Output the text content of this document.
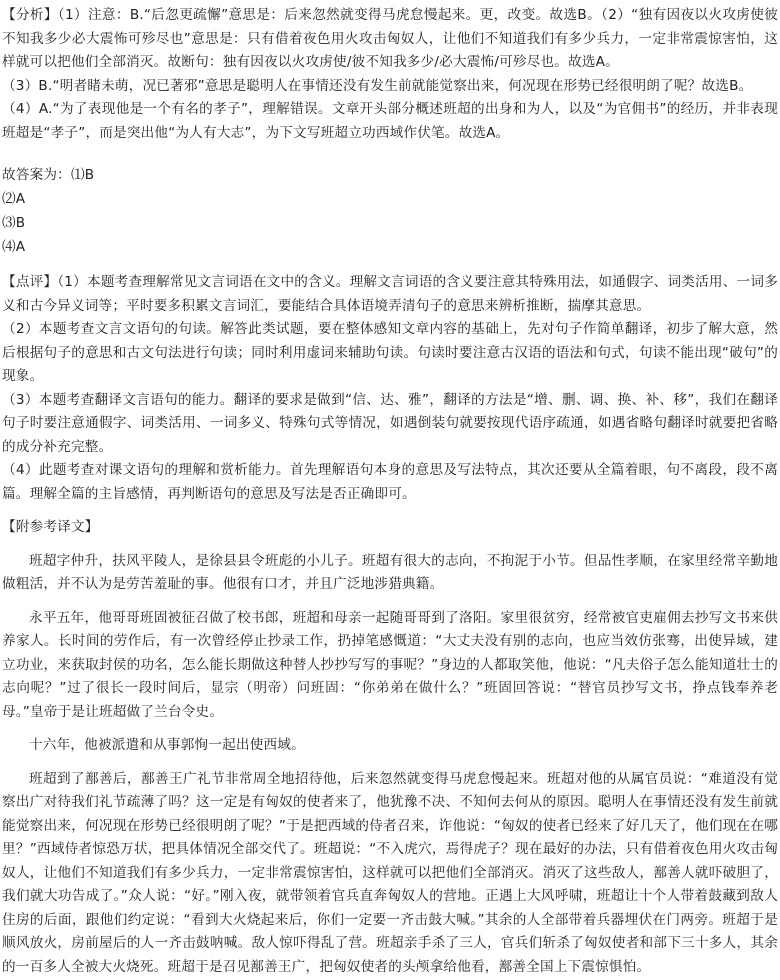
【分析】（1）注意：B.“后忽更疏懈”意思是：后来忽然就变得马虎怠慢起来。更，改变。故选B。（2）“独有因夜以火攻虏使彼不知我多少必大震怖可殄尽也”意思是：只有借着夜色用火攻击匈奴人，让他们不知道我们有多少兵力，一定非常震惊害怕，这样就可以把他们全部消灭。故断句：独有因夜以火攻虏使/彼不知我多少/必大震怖/可殄尽也。故选A。

（3）B.“明者睹未萌，况已著邪”意思是聪明人在事情还没有发生前就能觉察出来，何况现在形势已经很明朗了呢？故选B。

（4）A.“为了表现他是一个有名的孝子”，理解错误。文章开头部分概述班超的出身和为人，以及“为官佣书”的经历，并非表现班超是“孝子”，而是突出他“为人有大志”，为下文写班超立功西域作伏笔。故选A。

故答案为：⑴B

⑵A

⑶B

⑷A

【点评】（1）本题考查理解常见文言词语在文中的含义。理解文言词语的含义要注意其特殊用法，如通假字、词类活用、一词多义和古今异义词等；平时要多积累文言词汇，要能结合具体语境弄清句子的意思来辨析推断，揣摩其意思。

（2）本题考查文言文语句的句读。解答此类试题，要在整体感知文章内容的基础上，先对句子作简单翻译，初步了解大意，然后根据句子的意思和古文句法进行句读；同时利用虚词来辅助句读。句读时要注意古汉语的语法和句式，句读不能出现“破句”的现象。

（3）本题考查翻译文言语句的能力。翻译的要求是做到“信、达、雅”，翻译的方法是“增、删、调、换、补、移”，我们在翻译句子时要注意通假字、词类活用、一词多义、特殊句式等情况，如遇倒装句就要按现代语序疏通，如遇省略句翻译时就要把省略的成分补充完整。

（4）此题考查对课文语句的理解和赏析能力。首先理解语句本身的意思及写法特点，其次还要从全篇着眼，句不离段，段不离篇。理解全篇的主旨感情，再判断语句的意思及写法是否正确即可。

【附参考译文】

班超字仲升，扶风平陵人，是徐县县令班彪的小儿子。班超有很大的志向，不拘泥于小节。但品性孝顺，在家里经常辛勤地做粗活，并不认为是劳苦羞耻的事。他很有口才，并且广泛地涉猎典籍。

永平五年，他哥哥班固被征召做了校书郎，班超和母亲一起随哥哥到了洛阳。家里很贫穷，经常被官吏雇佣去抄写文书来供养家人。长时间的劳作后，有一次曾经停止抄录工作，扔掉笔感慨道：“大丈夫没有别的志向，也应当效仿张骞，出使异域，建立功业，来获取封侯的功名，怎么能长期做这种替人抄抄写写的事呢？”身边的人都取笑他，他说：“凡夫俗子怎么能知道壮士的志向呢？”过了很长一段时间后，显宗（明帝）问班固：“你弟弟在做什么？”班固回答说：“替官员抄写文书，挣点钱奉养老母。”皇帝于是让班超做了兰台令史。

十六年，他被派遣和从事郭恂一起出使西域。

班超到了鄯善后，鄯善王广礼节非常周全地招待他，后来忽然就变得马虎怠慢起来。班超对他的从属官员说：“难道没有觉察出广对待我们礼节疏薄了吗？这一定是有匈奴的使者来了，他犹豫不决、不知何去何从的原因。聪明人在事情还没有发生前就能觉察出来，何况现在形势已经很明朗了呢？”于是把西域的侍者召来，诈他说：“匈奴的使者已经来了好几天了，他们现在在哪里？”西域侍者惊恐万状，把具体情况全部交代了。班超说：“不入虎穴，焉得虎子？现在最好的办法，只有借着夜色用火攻击匈奴人，让他们不知道我们有多少兵力，一定非常震惊害怕，这样就可以把他们全部消灭。消灭了这些敌人，鄯善人就吓破胆了，我们就大功告成了。”众人说：“好。”刚入夜，就带领着官兵直奔匈奴人的营地。正遇上大风呼啸，班超让十个人带着鼓藏到敌人住房的后面，跟他们约定说：“看到大火烧起来后，你们一定要一齐击鼓大喊。”其余的人全部带着兵器埋伏在门两旁。班超于是顺风放火，房前屋后的人一齐击鼓呐喊。敌人惊吓得乱了营。班超亲手杀了三人，官兵们斩杀了匈奴使者和部下三十多人，其余的一百多人全被大火烧死。班超于是召见鄯善王广，把匈奴使者的头颅拿给他看，鄯善全国上下震惊惧怕。
